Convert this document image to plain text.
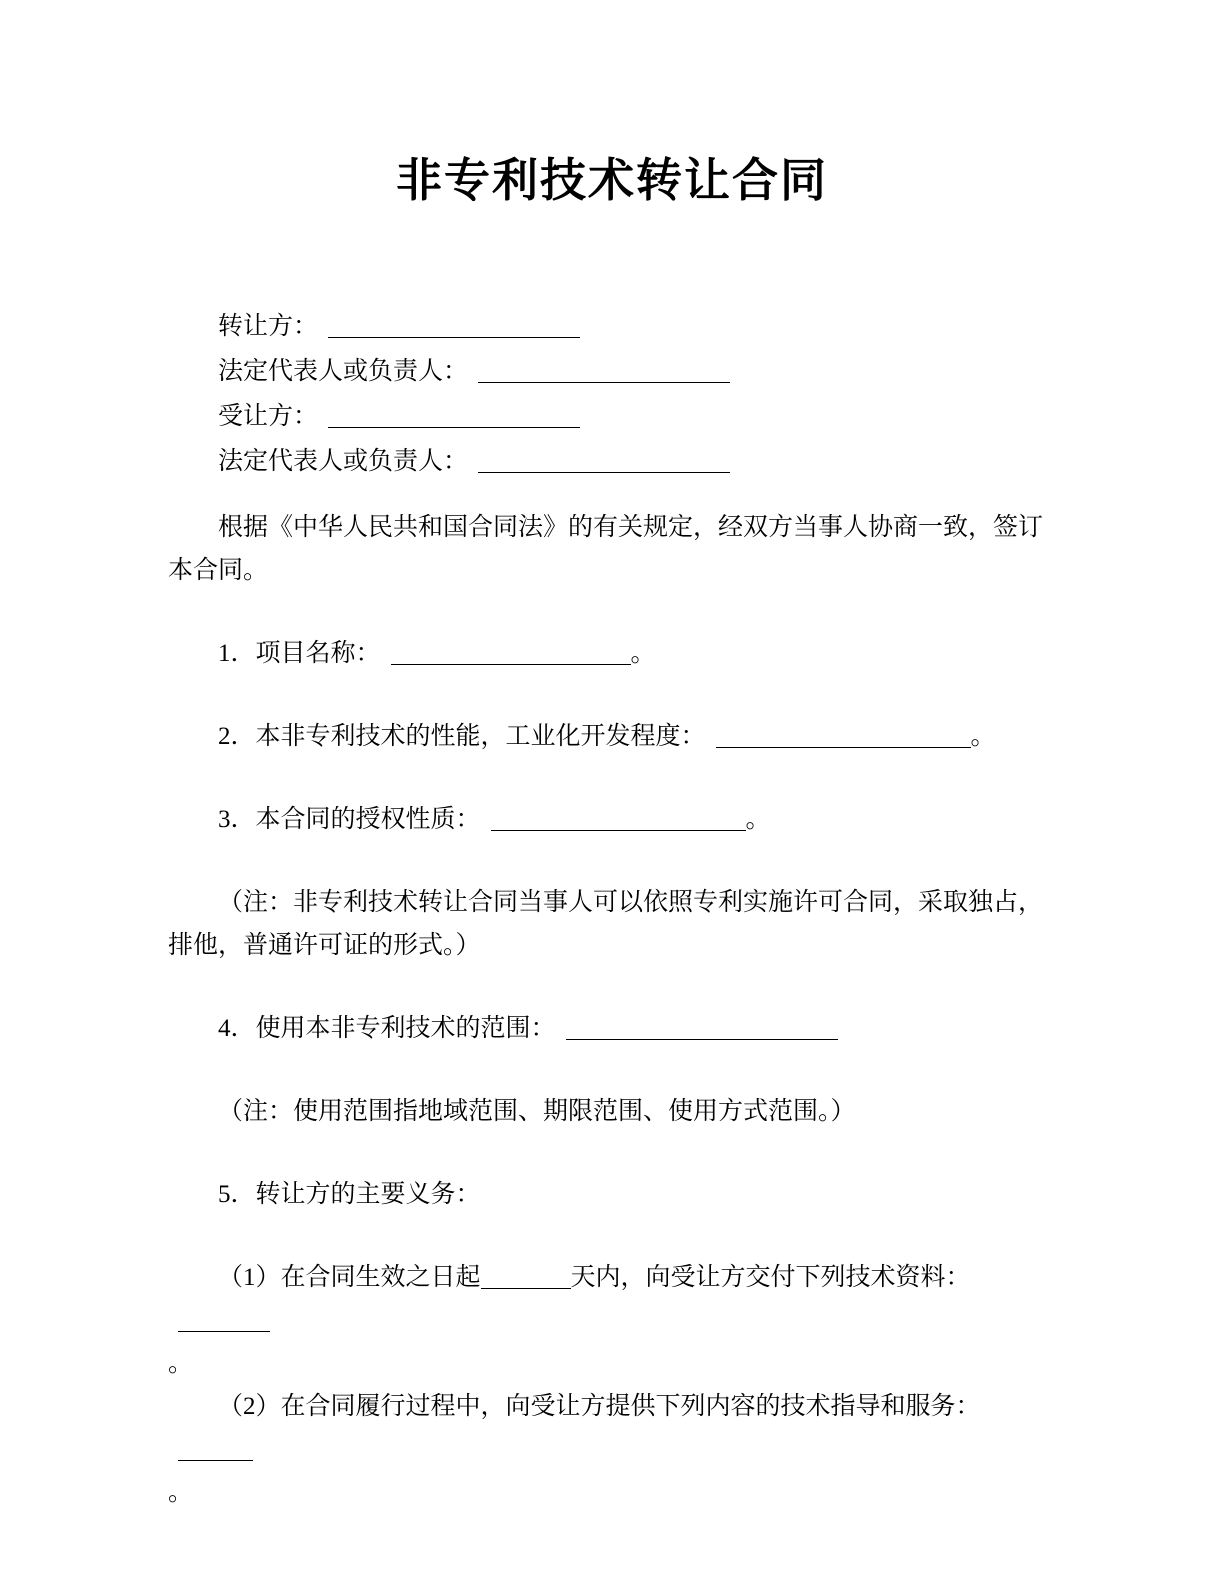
非专利技术转让合同
转让方：
法定代表人或负责人：
受让方：
法定代表人或负责人：

根据《中华人民共和国合同法》的有关规定，经双方当事人协商一致，签订本合同。

1．项目名称：	。

2．本非专利技术的性能，工业化开发程度：	。

3．本合同的授权性质：	。

（注：非专利技术转让合同当事人可以依照专利实施许可合同，采取独占，排他，普通许可证的形式。）

4．使用本非专利技术的范围：

（注：使用范围指地域范围、期限范围、使用方式范围。）

5．转让方的主要义务：

（1）在合同生效之日起	天内，向受让方交付下列技术资料：

。

（2）在合同履行过程中，向受让方提供下列内容的技术指导和服务：

。
